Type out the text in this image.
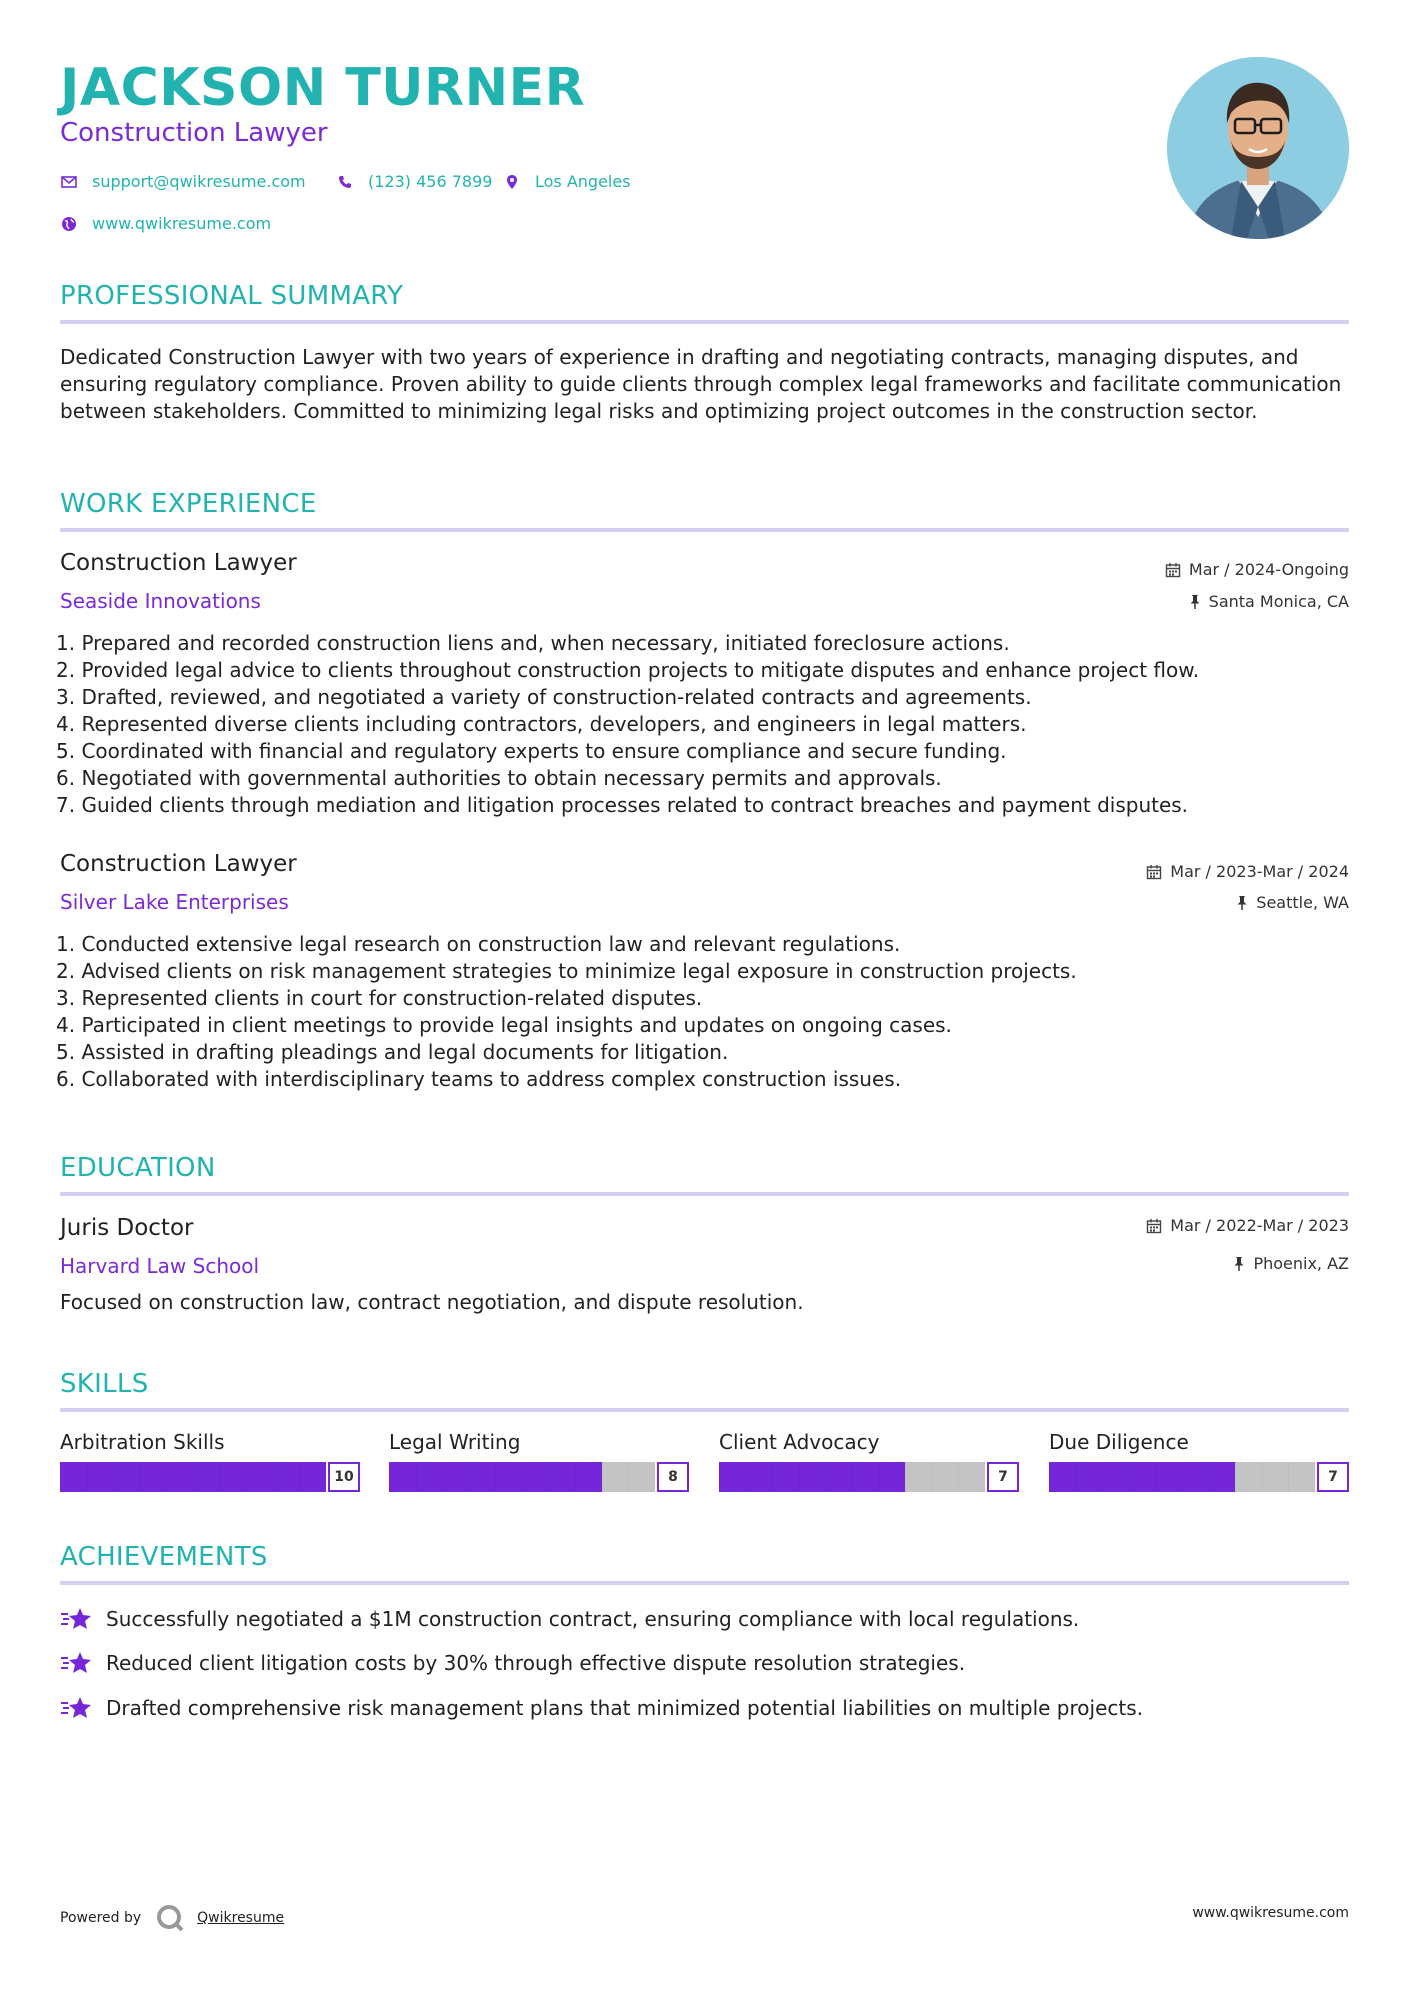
JACKSON TURNER
Construction Lawyer
support@qwikresume.com	(123) 456 7899	Los Angeles
www.qwikresume.com
PROFESSIONAL SUMMARY
Dedicated Construction Lawyer with two years of experience in drafting and negotiating contracts, managing disputes, and ensuring regulatory compliance. Proven ability to guide clients through complex legal frameworks and facilitate communication between stakeholders. Committed to minimizing legal risks and optimizing project outcomes in the construction sector.
WORK EXPERIENCE
Construction Lawyer
Seaside Innovations
Mar / 2024-Ongoing
Santa Monica, CA
1. Prepared and recorded construction liens and, when necessary, initiated foreclosure actions.
2. Provided legal advice to clients throughout construction projects to mitigate disputes and enhance project flow.
3. Drafted, reviewed, and negotiated a variety of construction-related contracts and agreements.
4. Represented diverse clients including contractors, developers, and engineers in legal matters.
5. Coordinated with financial and regulatory experts to ensure compliance and secure funding.
6. Negotiated with governmental authorities to obtain necessary permits and approvals.
7. Guided clients through mediation and litigation processes related to contract breaches and payment disputes.
Construction Lawyer
Silver Lake Enterprises
Mar / 2023-Mar / 2024
Seattle, WA
1. Conducted extensive legal research on construction law and relevant regulations.
2. Advised clients on risk management strategies to minimize legal exposure in construction projects.
3. Represented clients in court for construction-related disputes.
4. Participated in client meetings to provide legal insights and updates on ongoing cases.
5. Assisted in drafting pleadings and legal documents for litigation.
6. Collaborated with interdisciplinary teams to address complex construction issues.
EDUCATION
Juris Doctor
Harvard Law School
Mar / 2022-Mar / 2023
Phoenix, AZ
Focused on construction law, contract negotiation, and dispute resolution.
SKILLS
Arbitration Skills
10
Legal Writing
8
Client Advocacy
7
Due Diligence
7
ACHIEVEMENTS
Successfully negotiated a $1M construction contract, ensuring compliance with local regulations.
Reduced client litigation costs by 30% through effective dispute resolution strategies.
Drafted comprehensive risk management plans that minimized potential liabilities on multiple projects.
Powered by	Qwikresume	www.qwikresume.com
